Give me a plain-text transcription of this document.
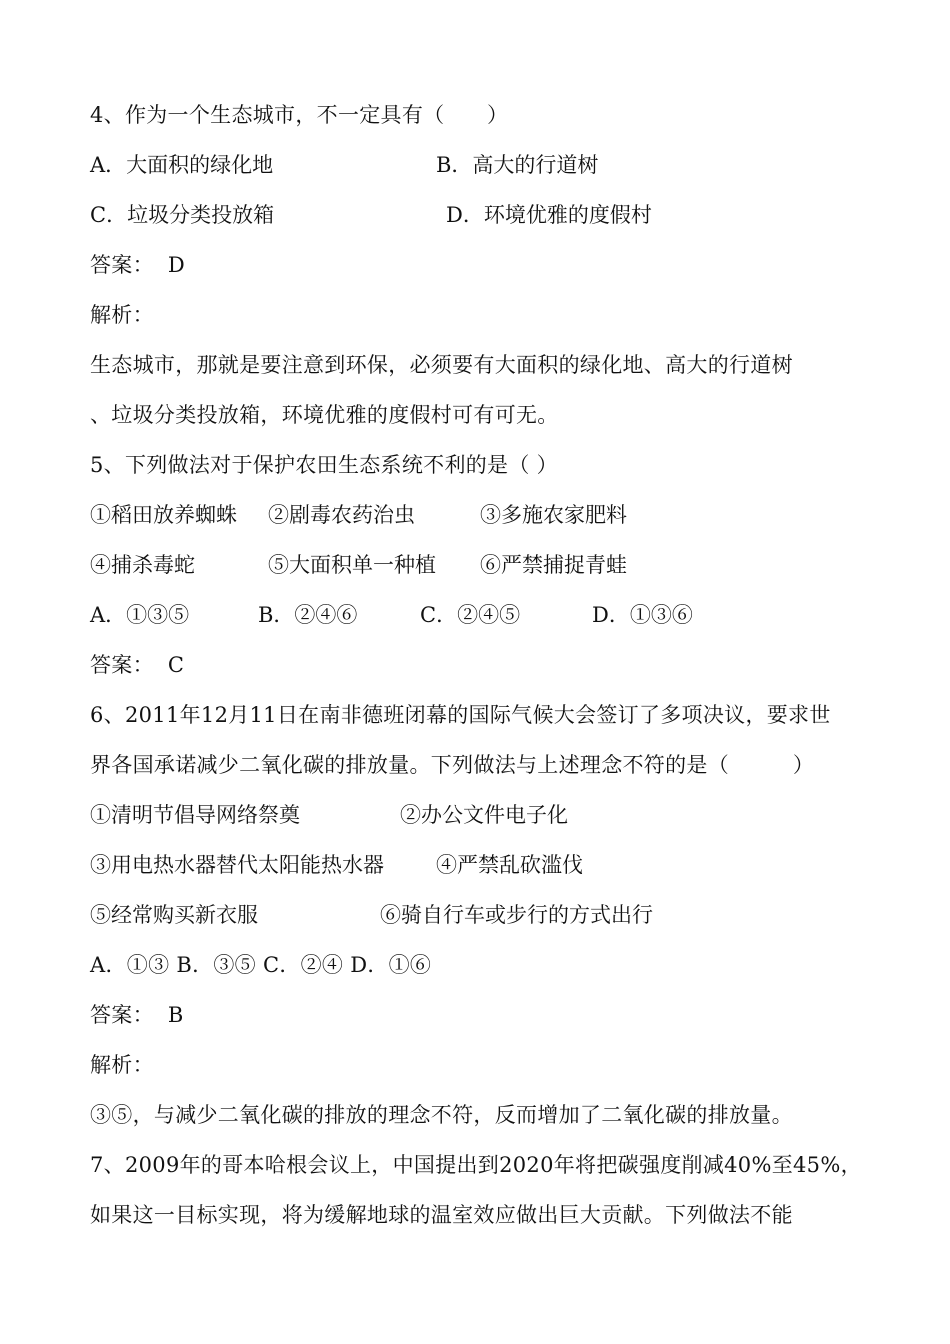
4、作为一个生态城市，不一定具有（　　）

A．大面积的绿化地

	B．高大的行道树

C．垃圾分类投放箱

	D．环境优雅的度假村

答案：  D
解析：
生态城市，那就是要注意到环保，必须要有大面积的绿化地、高大的行道树
、垃圾分类投放箱，环境优雅的度假村可有可无。
5、下列做法对于保护农田生态系统不利的是（ ）

①稻田放养蜘蛛

②剧毒农药治虫

	③多施农家肥料

④捕杀毒蛇

	⑤大面积单一种植

⑥严禁捕捉青蛙

A．①③⑤

	B．②④⑥

	C．②④⑤

	D．①③⑥

答案：  C
6、2011年12月11日在南非德班闭幕的国际气候大会签订了多项决议，要求世
界各国承诺减少二氧化碳的排放量。下列做法与上述理念不符的是（　　　）

①清明节倡导网络祭奠

	②办公文件电子化

③用电热水器替代太阳能热水器

④严禁乱砍滥伐

⑤经常购买新衣服

	⑥骑自行车或步行的方式出行

A．①③ B．③⑤ C．②④ D．①⑥
答案：  B
解析：
③⑤，与减少二氧化碳的排放的理念不符，反而增加了二氧化碳的排放量。
7、2009年的哥本哈根会议上，中国提出到2020年将把碳强度削减40%至45%，
如果这一目标实现，将为缓解地球的温室效应做出巨大贡献。下列做法不能
